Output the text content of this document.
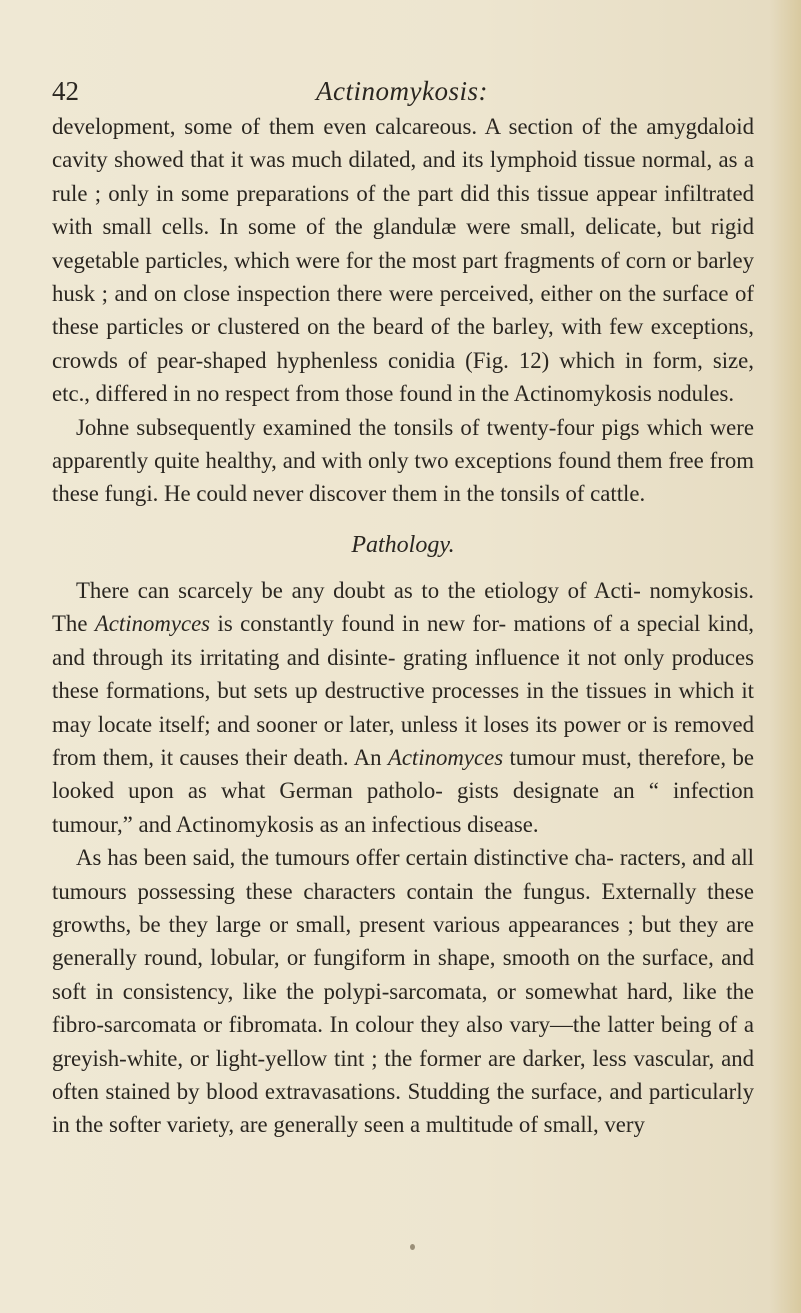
42	Actinomykosis:

development, some of them even calcareous. A section of the amygdaloid cavity showed that it was much dilated, and its lymphoid tissue normal, as a rule ; only in some preparations of the part did this tissue appear infiltrated with small cells. In some of the glandulæ were small, delicate, but rigid vegetable particles, which were for the most part fragments of corn or barley husk ; and on close inspection there were perceived, either on the surface of these particles or clustered on the beard of the barley, with few exceptions, crowds of pear-shaped hyphenless conidia (Fig. 12) which in form, size, etc., differed in no respect from those found in the Actinomykosis nodules.

Johne subsequently examined the tonsils of twenty-four pigs which were apparently quite healthy, and with only two exceptions found them free from these fungi. He could never discover them in the tonsils of cattle.

Pathology.

There can scarcely be any doubt as to the etiology of Acti- nomykosis. The Actinomyces is constantly found in new for- mations of a special kind, and through its irritating and disinte- grating influence it not only produces these formations, but sets up destructive processes in the tissues in which it may locate itself; and sooner or later, unless it loses its power or is removed from them, it causes their death. An Actinomyces tumour must, therefore, be looked upon as what German patholo- gists designate an “ infection tumour,” and Actinomykosis as an infectious disease.

As has been said, the tumours offer certain distinctive cha- racters, and all tumours possessing these characters contain the fungus. Externally these growths, be they large or small, present various appearances ; but they are generally round, lobular, or fungiform in shape, smooth on the surface, and soft in consistency, like the polypi-sarcomata, or somewhat hard, like the fibro-sarcomata or fibromata. In colour they also vary—the latter being of a greyish-white, or light-yellow tint ; the former are darker, less vascular, and often stained by blood extravasations. Studding the surface, and particularly in the softer variety, are generally seen a multitude of small, very
